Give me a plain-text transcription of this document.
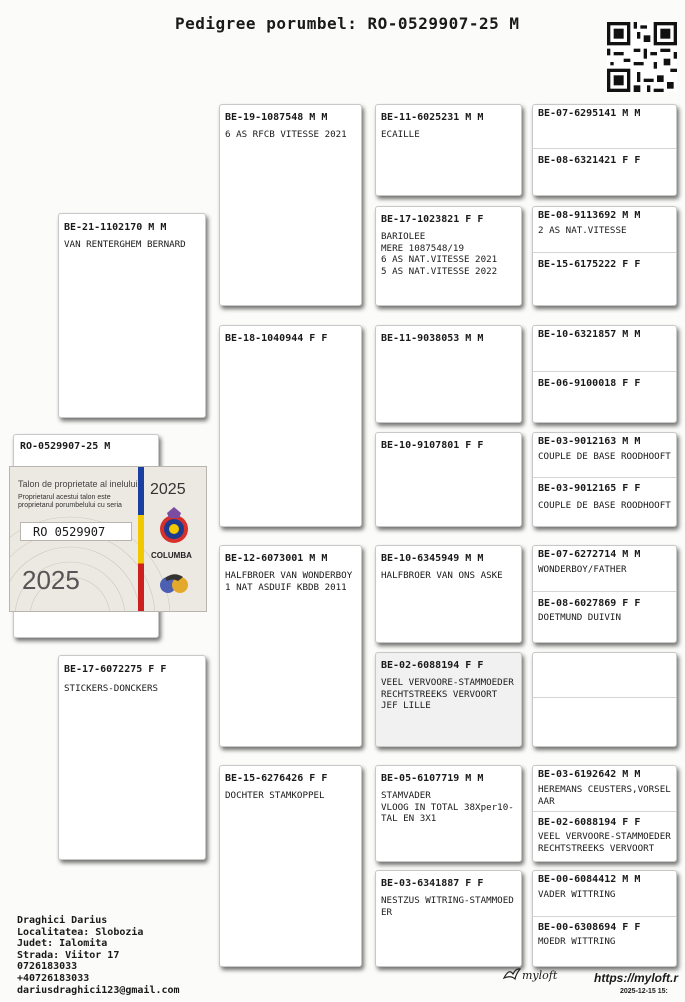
Pedigree porumbel: RO-0529907-25 M
RO-0529907-25 M
Talon de proprietate al inelului
Proprietarul acestui talon este proprietarul porumbelului cu seria
RO 0529907
2025
2025
COLUMBA
BE-21-1102170 M M
VAN RENTERGHEM BERNARD
BE-17-6072275 F F
STICKERS-DONCKERS
BE-19-1087548 M M
6 AS RFCB VITESSE 2021
BE-18-1040944 F F
BE-12-6073001 M M
HALFBROER VAN WONDERBOY
1 NAT ASDUIF KBDB 2011
BE-15-6276426 F F
DOCHTER STAMKOPPEL
BE-11-6025231 M M
ECAILLE
BE-17-1023821 F F
BARIOLEE
MERE 1087548/19
6 AS NAT.VITESSE 2021
5 AS NAT.VITESSE 2022
BE-11-9038053 M M
BE-10-9107801 F F
BE-10-6345949 M M
HALFBROER VAN ONS ASKE
BE-02-6088194 F F
VEEL VERVOORE-STAMMOEDER
RECHTSTREEKS VERVOORT
JEF LILLE
BE-05-6107719 M M
STAMVADER
VLOOG IN TOTAL 38Xper10-
TAL EN 3X1
BE-03-6341887 F F
NESTZUS WITRING-STAMMOED
ER
BE-07-6295141 M M
BE-08-6321421 F F
BE-08-9113692 M M
2 AS NAT.VITESSE
BE-15-6175222 F F
BE-10-6321857 M M
BE-06-9100018 F F
BE-03-9012163 M M
COUPLE DE BASE ROODHOOFT
BE-03-9012165 F F
COUPLE DE BASE ROODHOOFT
BE-07-6272714 M M
WONDERBOY/FATHER
BE-08-6027869 F F
DOETMUND DUIVIN
BE-03-6192642 M M
HEREMANS CEUSTERS,VORSEL
AAR
BE-02-6088194 F F
VEEL VERVOORE-STAMMOEDER
RECHTSTREEKS VERVOORT
BE-00-6084412 M M
VADER WITTRING
BE-00-6308694 F F
MOEDR WITTRING
Draghici Darius
Localitatea: Slobozia
Judet: Ialomita
Strada: Viitor 17
0726183033
+40726183033
dariusdraghici123@gmail.com
myloft	https://myloft.r
2025-12-15 15:
